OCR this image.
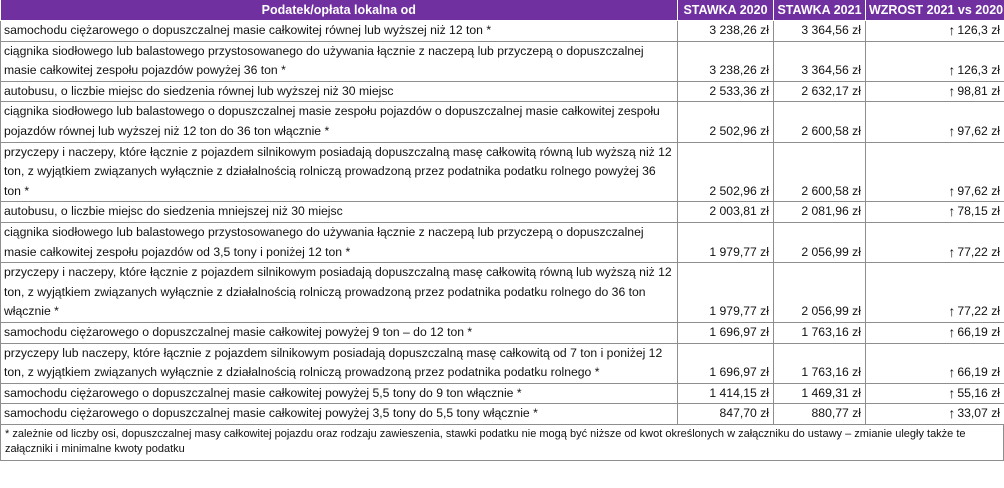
Podatek/opłata lokalna od	STAWKA 2020	STAWKA 2021	WZROST 2021 vs 2020
samochodu ciężarowego o dopuszczalnej masie całkowitej równej lub wyższej niż 12 ton *	3 238,26 zł	3 364,56 zł	↑ 126,3 zł
ciągnika siodłowego lub balastowego przystosowanego do używania łącznie z naczepą lub przyczepą o dopuszczalnej masie całkowitej zespołu pojazdów powyżej 36 ton *	3 238,26 zł	3 364,56 zł	↑ 126,3 zł
autobusu, o liczbie miejsc do siedzenia równej lub wyższej niż 30 miejsc	2 533,36 zł	2 632,17 zł	↑ 98,81 zł
ciągnika siodłowego lub balastowego o dopuszczalnej masie zespołu pojazdów o dopuszczalnej masie całkowitej zespołu pojazdów równej lub wyższej niż 12 ton do 36 ton włącznie *	2 502,96 zł	2 600,58 zł	↑ 97,62 zł
przyczepy i naczepy, które łącznie z pojazdem silnikowym posiadają dopuszczalną masę całkowitą równą lub wyższą niż 12 ton, z wyjątkiem związanych wyłącznie z działalnością rolniczą prowadzoną przez podatnika podatku rolnego powyżej 36 ton *	2 502,96 zł	2 600,58 zł	↑ 97,62 zł
autobusu, o liczbie miejsc do siedzenia mniejszej niż 30 miejsc	2 003,81 zł	2 081,96 zł	↑ 78,15 zł
ciągnika siodłowego lub balastowego przystosowanego do używania łącznie z naczepą lub przyczepą o dopuszczalnej masie całkowitej zespołu pojazdów od 3,5 tony i poniżej 12 ton *	1 979,77 zł	2 056,99 zł	↑ 77,22 zł
przyczepy i naczepy, które łącznie z pojazdem silnikowym posiadają dopuszczalną masę całkowitą równą lub wyższą niż 12 ton, z wyjątkiem związanych wyłącznie z działalnością rolniczą prowadzoną przez podatnika podatku rolnego do 36 ton włącznie *	1 979,77 zł	2 056,99 zł	↑ 77,22 zł
samochodu ciężarowego o dopuszczalnej masie całkowitej powyżej 9 ton – do 12 ton *	1 696,97 zł	1 763,16 zł	↑ 66,19 zł
przyczepy lub naczepy, które łącznie z pojazdem silnikowym posiadają dopuszczalną masę całkowitą od 7 ton i poniżej 12 ton, z wyjątkiem związanych wyłącznie z działalnością rolniczą prowadzoną przez podatnika podatku rolnego *	1 696,97 zł	1 763,16 zł	↑ 66,19 zł
samochodu ciężarowego o dopuszczalnej masie całkowitej powyżej 5,5 tony do 9 ton włącznie *	1 414,15 zł	1 469,31 zł	↑ 55,16 zł
samochodu ciężarowego o dopuszczalnej masie całkowitej powyżej 3,5 tony do 5,5 tony włącznie *	847,70 zł	880,77 zł	↑ 33,07 zł
* zależnie od liczby osi, dopuszczalnej masy całkowitej pojazdu oraz rodzaju zawieszenia, stawki podatku nie mogą być niższe od kwot określonych w załączniku do ustawy – zmianie uległy także te załączniki i minimalne kwoty podatku
